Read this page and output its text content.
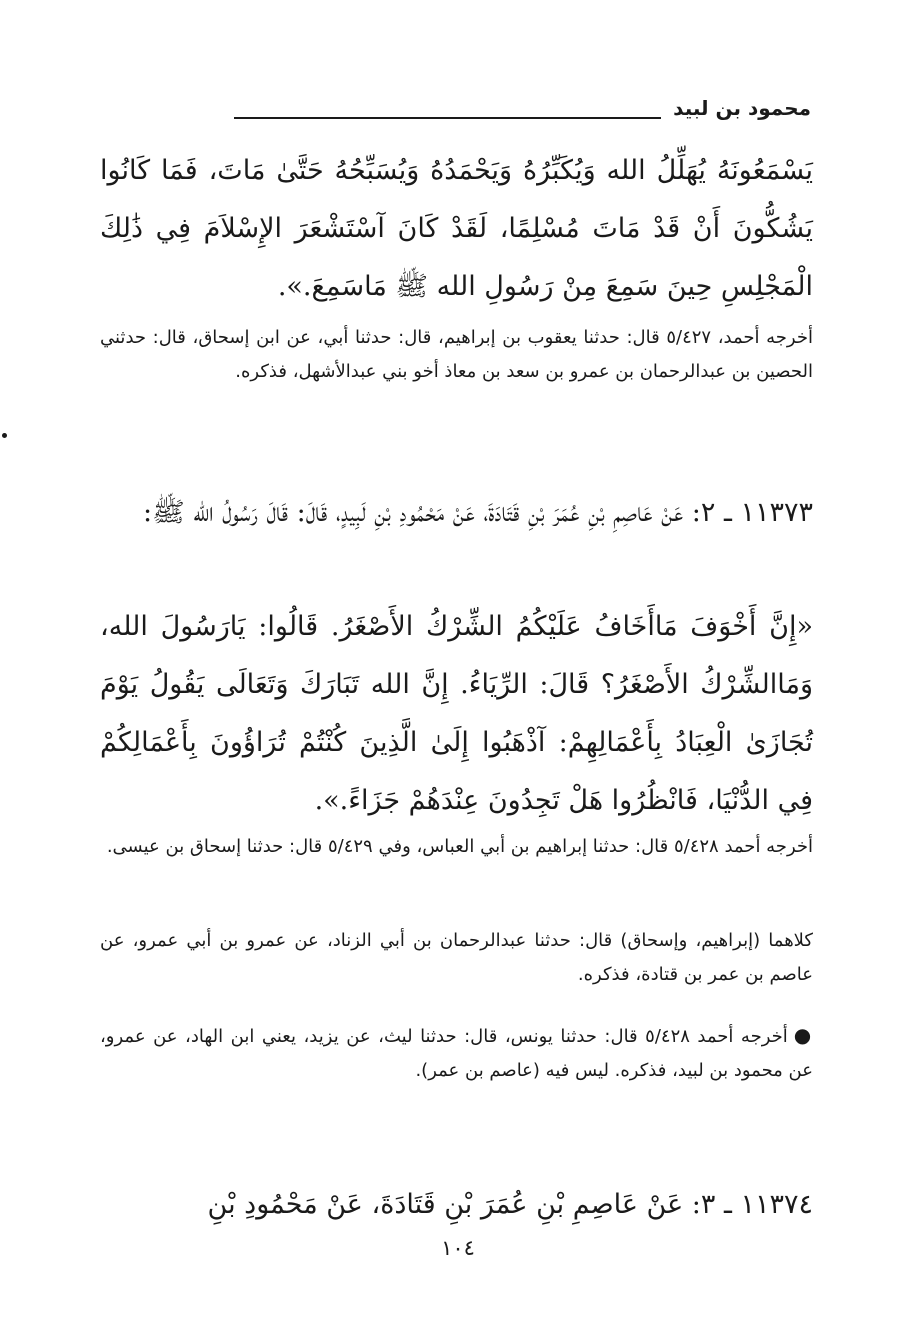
محمود بن لبيد

يَسْمَعُونَهُ يُهَلِّلُ الله وَيُكَبِّرُهُ وَيَحْمَدُهُ وَيُسَبِّحُهُ حَتَّىٰ مَاتَ، فَمَا كَانُوا يَشُكُّونَ أَنْ قَدْ مَاتَ مُسْلِمًا، لَقَدْ كَانَ آسْتَشْعَرَ الإِسْلاَمَ فِي ذَٰلِكَ الْمَجْلِسِ حِينَ سَمِعَ مِنْ رَسُولِ الله ﷺ مَاسَمِعَ.».

أخرجه أحمد، ٥/٤٢٧ قال: حدثنا يعقوب بن إبراهيم، قال: حدثنا أبي، عن ابن إسحاق، قال: حدثني الحصين بن عبدالرحمان بن عمرو بن سعد بن معاذ أخو بني عبدالأشهل، فذكره.

١١٣٧٣ ـ ٢: عَنْ عَاصِمِ بْنِ عُمَرَ بْنِ قَتَادَةَ، عَنْ مَحْمُودِ بْنِ لَبِيدٍ، قَالَ: قَالَ رَسُولُ الله ﷺ:

«إِنَّ أَخْوَفَ مَاأَخَافُ عَلَيْكُمُ الشِّرْكُ الأَصْغَرُ. قَالُوا: يَارَسُولَ الله، وَمَاالشِّرْكُ الأَصْغَرُ؟ قَالَ: الرِّيَاءُ. إِنَّ الله تَبَارَكَ وَتَعَالَى يَقُولُ يَوْمَ تُجَازَىٰ الْعِبَادُ بِأَعْمَالِهِمْ: آذْهَبُوا إِلَىٰ الَّذِينَ كُنْتُمْ تُرَاؤُونَ بِأَعْمَالِكُمْ فِي الدُّنْيَا، فَانْظُرُوا هَلْ تَجِدُونَ عِنْدَهُمْ جَزَاءً.».

أخرجه أحمد ٥/٤٢٨ قال: حدثنا إبراهيم بن أبي العباس، وفي ٥/٤٢٩ قال: حدثنا إسحاق بن عيسى.

كلاهما (إبراهيم، وإسحاق) قال: حدثنا عبدالرحمان بن أبي الزناد، عن عمرو بن أبي عمرو، عن عاصم بن عمر بن قتادة، فذكره.

●أخرجه أحمد ٥/٤٢٨ قال: حدثنا يونس، قال: حدثنا ليث، عن يزيد، يعني ابن الهاد، عن عمرو، عن محمود بن لبيد، فذكره. ليس فيه (عاصم بن عمر).

١١٣٧٤ ـ ٣: عَنْ عَاصِمِ بْنِ عُمَرَ بْنِ قَتَادَةَ، عَنْ مَحْمُودِ بْنِ

١٠٤
